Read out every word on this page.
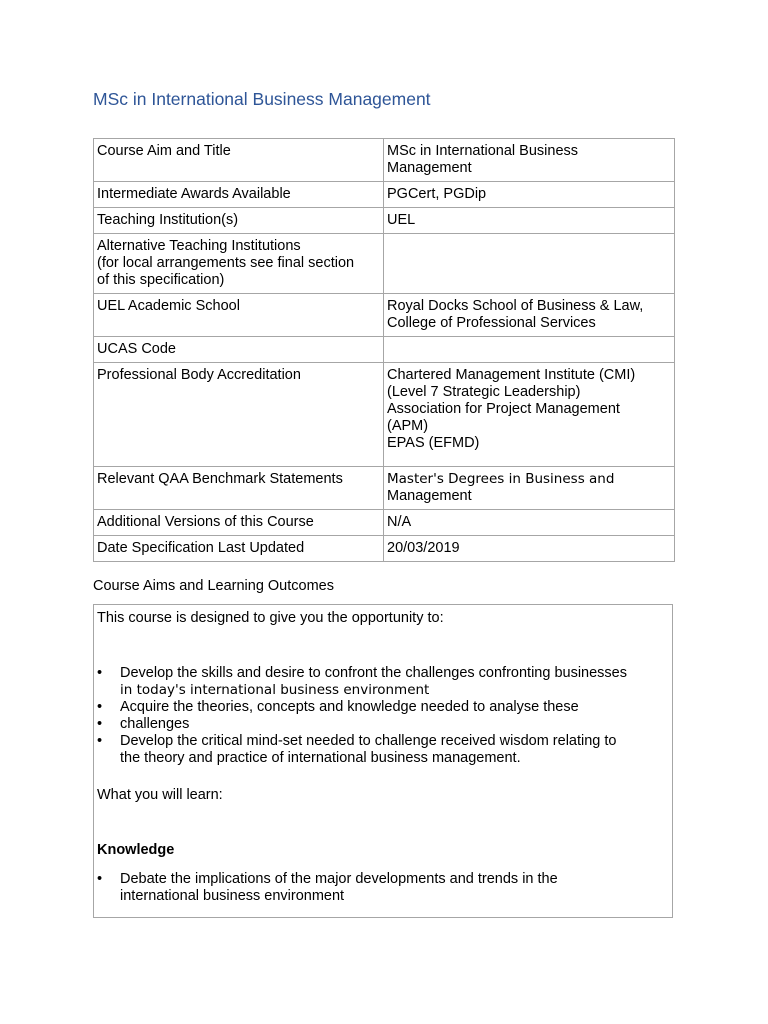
MSc in International Business Management
Course Aim and Title	MSc in International Business
Management

Intermediate Awards Available	PGCert, PGDip

Teaching Institution(s)	UEL

Alternative Teaching Institutions
(for local arrangements see final section
of this specification)	

UEL Academic School	Royal Docks School of Business & Law,
College of Professional Services

UCAS Code	

Professional Body Accreditation	Chartered Management Institute (CMI)
(Level 7 Strategic Leadership)
Association for Project Management
(APM)
EPAS (EFMD)

Relevant QAA Benchmark Statements	Master's Degrees in Business and
Management

Additional Versions of this Course	N/A

Date Specification Last Updated	20/03/2019
Course Aims and Learning Outcomes

This course is designed to give you the opportunity to:

• Develop the skills and desire to confront the challenges confronting businesses
in today's international business environment
• Acquire the theories, concepts and knowledge needed to analyse these
• challenges
• Develop the critical mind-set needed to challenge received wisdom relating to
the theory and practice of international business management.

What you will learn:

Knowledge

• Debate the implications of the major developments and trends in the
international business environment
